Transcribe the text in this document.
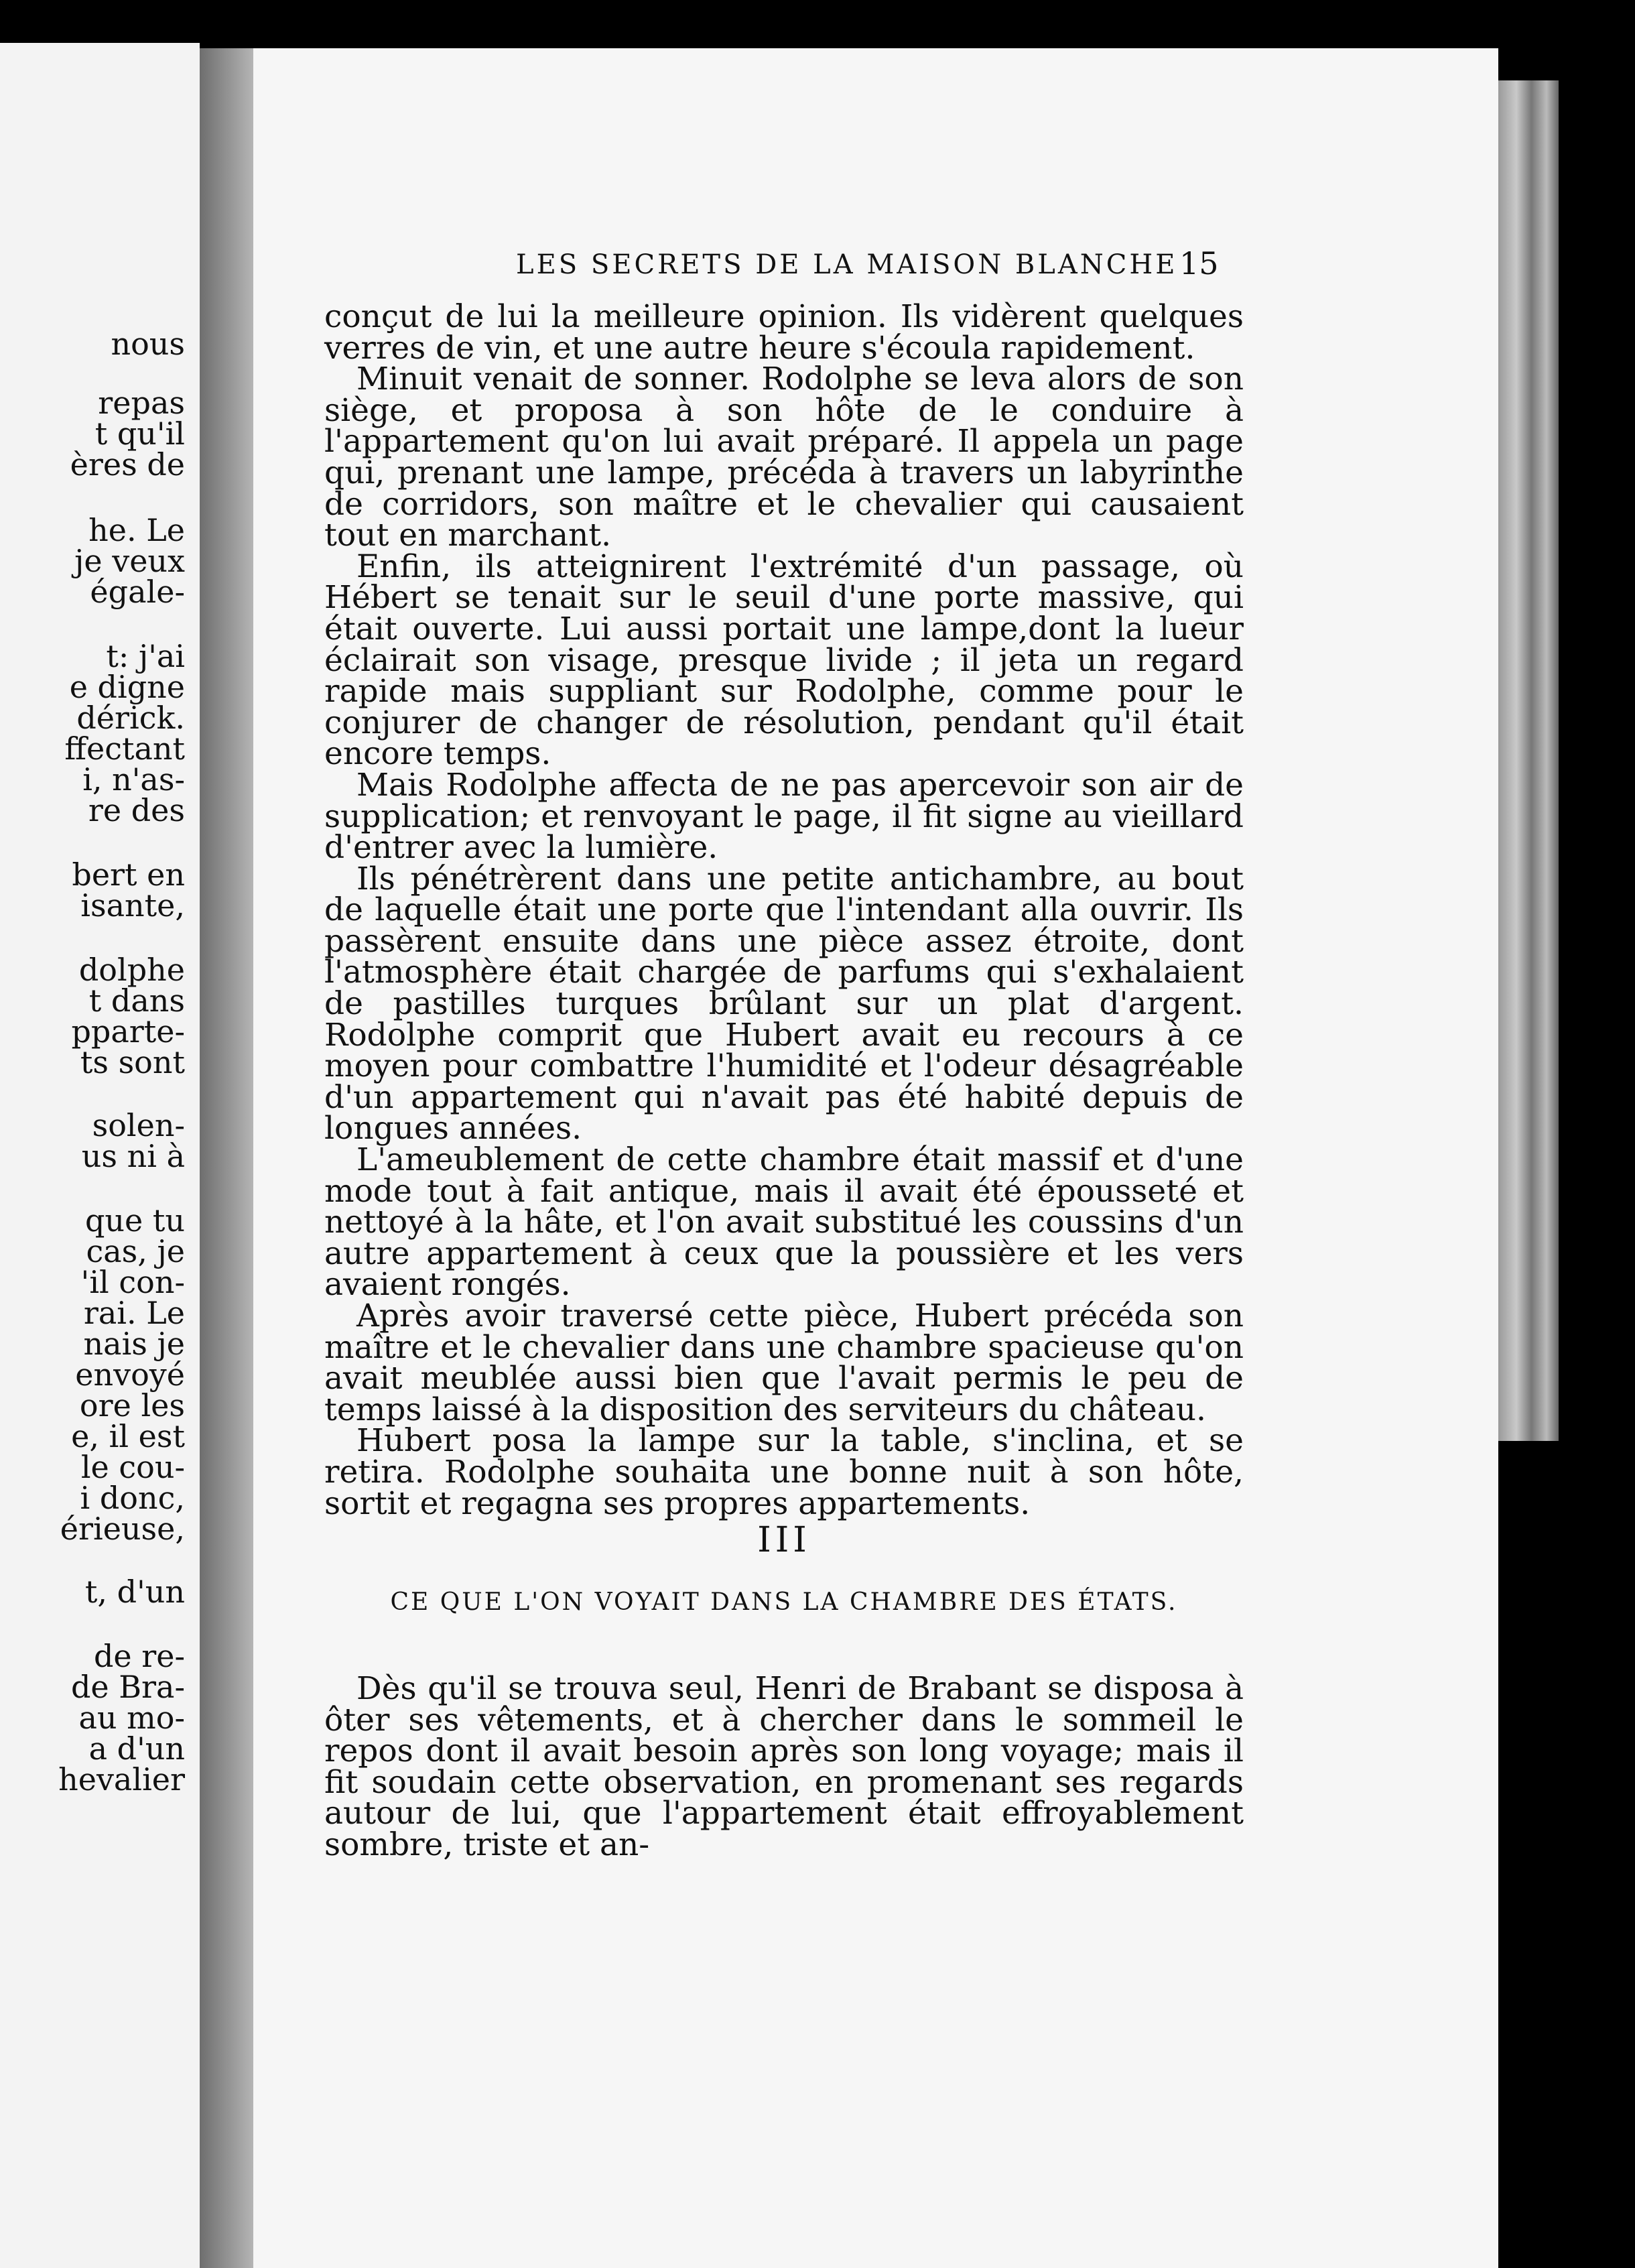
nous
repas
t qu'il
ères de
he. Le
je veux
égale-
t: j'ai
e digne
dérick.
ffectant
i, n'as-
re des
bert en
isante,
dolphe
t dans
pparte-
ts sont
solen-
us ni à
que tu
cas, je
'il con-
rai. Le
nais je
envoyé
ore les
e, il est
le cou-
i donc,
érieuse,
t, d'un
de re-
de Bra-
au mo-
a d'un
hevalier
LES SECRETS DE LA MAISON BLANCHE 15

conçut de lui la meilleure opinion. Ils vidèrent quelques verres de vin, et une autre heure s'écoula rapidement.

Minuit venait de sonner. Rodolphe se leva alors de son siège, et proposa à son hôte de le conduire à l'appartement qu'on lui avait préparé. Il appela un page qui, prenant une lampe, précéda à travers un labyrinthe de corridors, son maître et le chevalier qui causaient tout en marchant.

Enfin, ils atteignirent l'extrémité d'un passage, où Hébert se tenait sur le seuil d'une porte massive, qui était ouverte. Lui aussi portait une lampe,dont la lueur éclairait son visage, presque livide ; il jeta un regard rapide mais suppliant sur Rodolphe, comme pour le conjurer de changer de résolution, pendant qu'il était encore temps.

Mais Rodolphe affecta de ne pas apercevoir son air de supplication; et renvoyant le page, il fit signe au vieillard d'entrer avec la lumière.

Ils pénétrèrent dans une petite antichambre, au bout de laquelle était une porte que l'intendant alla ouvrir. Ils passèrent ensuite dans une pièce assez étroite, dont l'atmosphère était chargée de parfums qui s'exhalaient de pastilles turques brûlant sur un plat d'argent. Rodolphe comprit que Hubert avait eu recours à ce moyen pour combattre l'humidité et l'odeur désagréable d'un appartement qui n'avait pas été habité depuis de longues années.

L'ameublement de cette chambre était massif et d'une mode tout à fait antique, mais il avait été épousseté et nettoyé à la hâte, et l'on avait substitué les coussins d'un autre appartement à ceux que la poussière et les vers avaient rongés.

Après avoir traversé cette pièce, Hubert précéda son maître et le chevalier dans une chambre spacieuse qu'on avait meublée aussi bien que l'avait permis le peu de temps laissé à la disposition des serviteurs du château.

Hubert posa la lampe sur la table, s'inclina, et se retira. Rodolphe souhaita une bonne nuit à son hôte, sortit et regagna ses propres appartements.

III
CE QUE L'ON VOYAIT DANS LA CHAMBRE DES ÉTATS.

Dès qu'il se trouva seul, Henri de Brabant se disposa à ôter ses vêtements, et à chercher dans le sommeil le repos dont il avait besoin après son long voyage; mais il fit soudain cette observation, en promenant ses regards autour de lui, que l'appartement était effroyablement sombre, triste et an-
